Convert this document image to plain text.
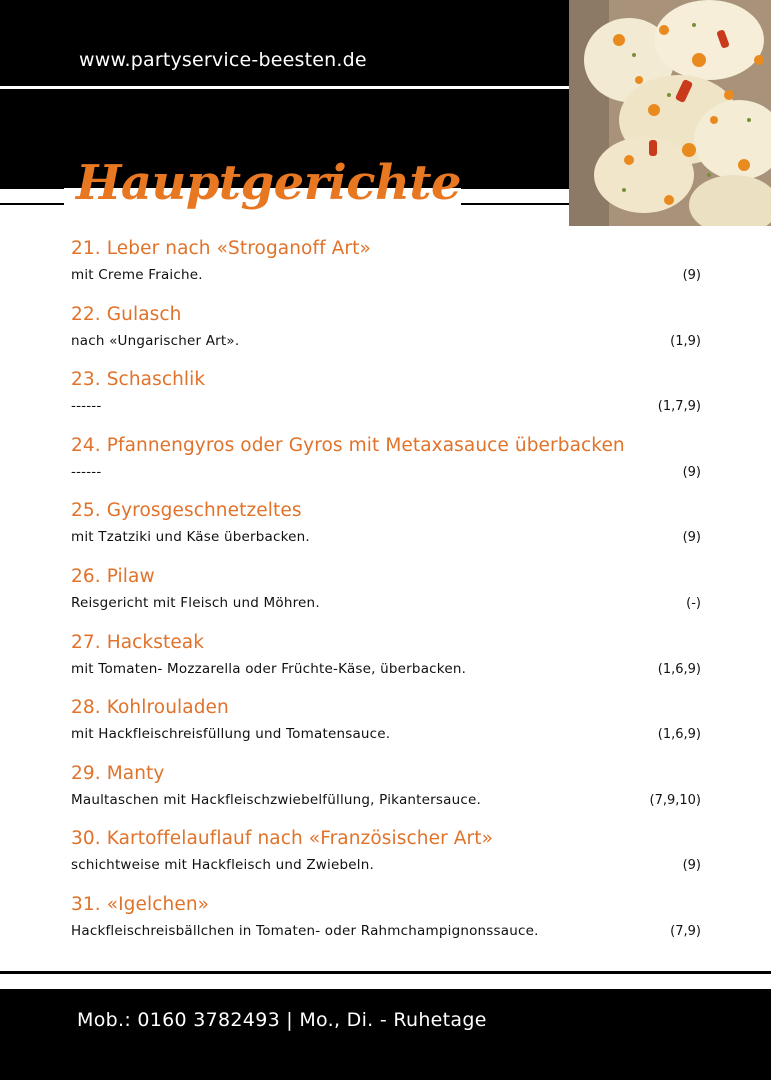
www.partyservice-beesten.de
Hauptgerichte
21. Leber nach «Stroganoff Art»
mit Creme Fraiche.	(9)
22. Gulasch
nach «Ungarischer Art».	(1,9)
23. Schaschlik
------	(1,7,9)
24. Pfannengyros oder Gyros mit Metaxasauce überbacken
------	(9)
25. Gyrosgeschnetzeltes
mit Tzatziki und Käse überbacken.	(9)
26. Pilaw
Reisgericht mit Fleisch und Möhren.	(-)
27. Hacksteak
mit Tomaten- Mozzarella oder Früchte-Käse, überbacken.	(1,6,9)
28. Kohlrouladen
mit Hackfleischreisfüllung und Tomatensauce.	(1,6,9)
29. Manty
Maultaschen mit Hackfleischzwiebelfüllung, Pikantersauce.	(7,9,10)
30. Kartoffelauflauf nach «Französischer Art»
schichtweise mit Hackfleisch und Zwiebeln.	(9)
31. «Igelchen»
Hackfleischreisbällchen in Tomaten- oder Rahmchampignonssauce.	(7,9)
Mob.: 0160 3782493 | Mo., Di. - Ruhetage
